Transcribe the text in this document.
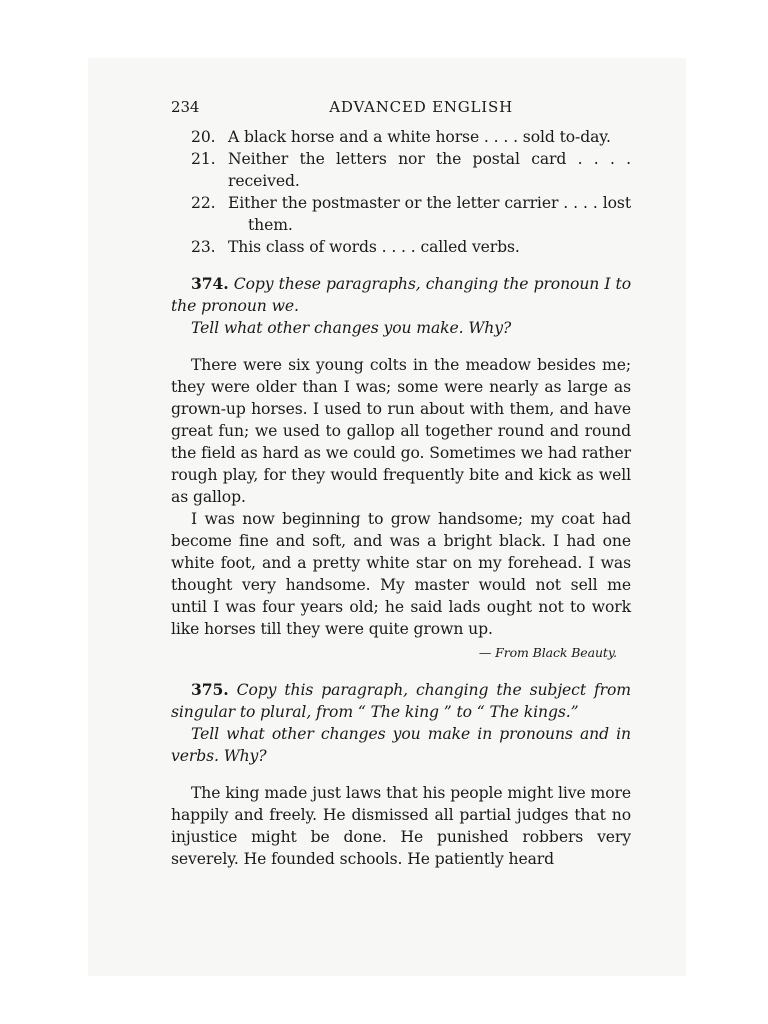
234	ADVANCED ENGLISH
20. A black horse and a white horse . . . . sold to-day.
21. Neither the letters nor the postal card . . . . received.
22. Either the postmaster or the letter carrier . . . . lost
them.
23. This class of words . . . . called verbs.
374. Copy these paragraphs, changing the pronoun I to the pronoun we.
Tell what other changes you make. Why?
There were six young colts in the meadow besides me; they were older than I was; some were nearly as large as grown-up horses. I used to run about with them, and have great fun; we used to gallop all together round and round the field as hard as we could go. Sometimes we had rather rough play, for they would frequently bite and kick as well as gallop.
I was now beginning to grow handsome; my coat had become fine and soft, and was a bright black. I had one white foot, and a pretty white star on my forehead. I was thought very handsome. My master would not sell me until I was four years old; he said lads ought not to work like horses till they were quite grown up.
— From Black Beauty.
375. Copy this paragraph, changing the subject from singular to plural, from “ The king ” to “ The kings.”
Tell what other changes you make in pronouns and in verbs. Why?
The king made just laws that his people might live more happily and freely. He dismissed all partial judges that no injustice might be done. He punished robbers very severely. He founded schools. He patiently heard
